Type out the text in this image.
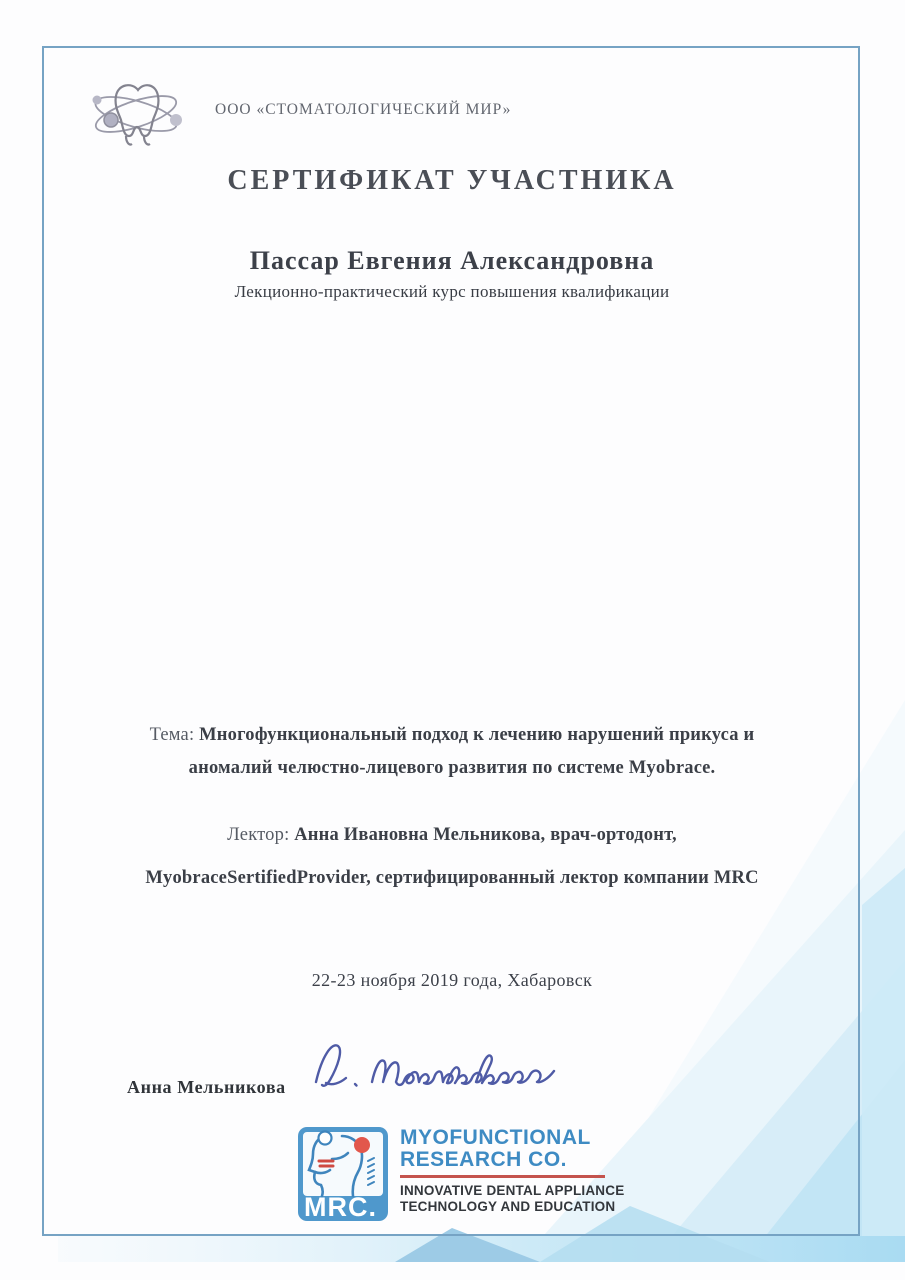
ООО «СТОМАТОЛОГИЧЕСКИЙ МИР»
СЕРТИФИКАТ УЧАСТНИКА
Пассар Евгения Александровна
Лекционно-практический курс повышения квалификации
Тема: Многофункциональный подход к лечению нарушений прикуса и
аномалий челюстно-лицевого развития по системе Myobrace.
Лектор: Анна Ивановна Мельникова, врач-ортодонт,
MyobraceSertifiedProvider, сертифицированный лектор компании MRC
22-23 ноября 2019 года, Хабаровск
Анна Мельникова
MRC.
MYOFUNCTIONAL
RESEARCH CO.
INNOVATIVE DENTAL APPLIANCE
TECHNOLOGY AND EDUCATION
